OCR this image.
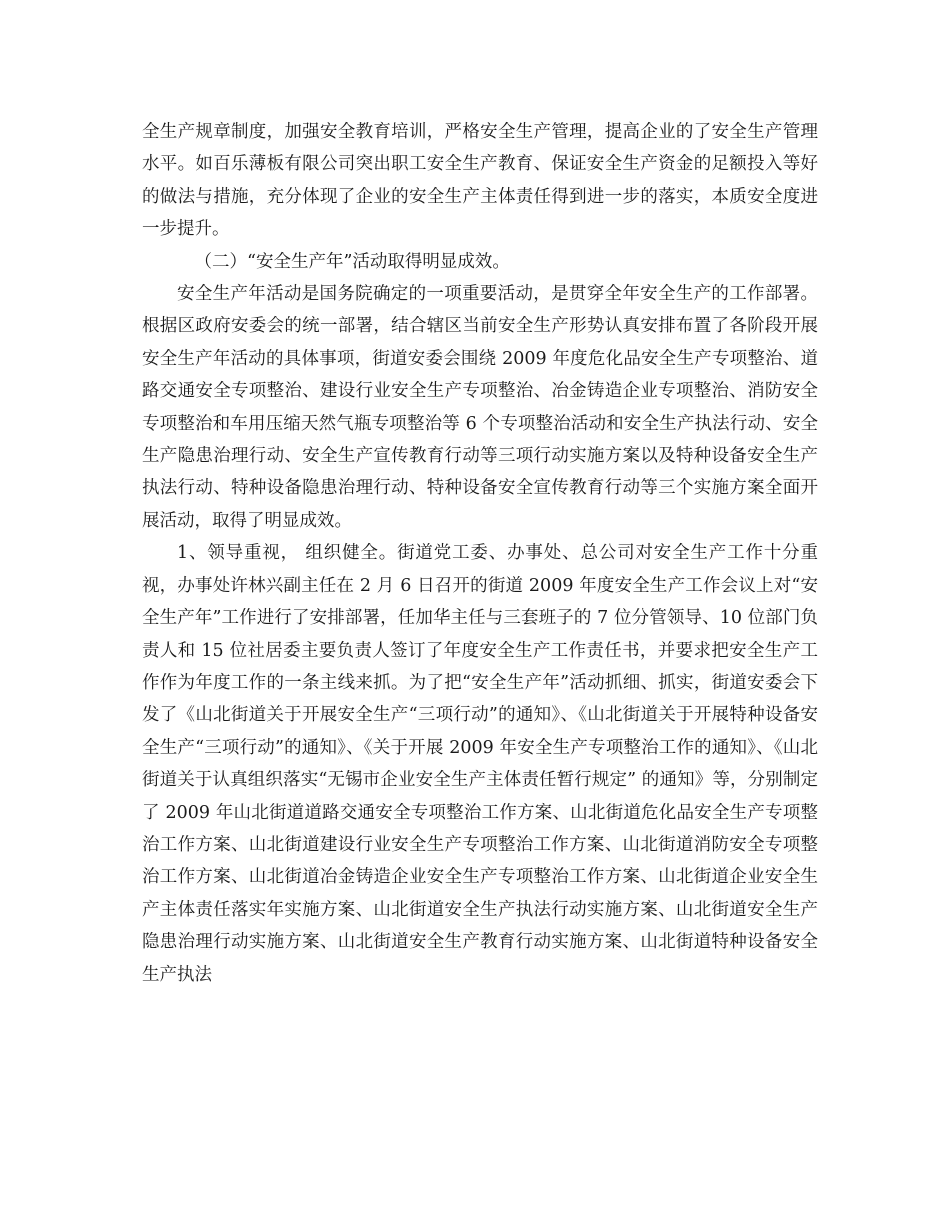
全生产规章制度，加强安全教育培训，严格安全生产管理，提高企业的了安全生产管理水平。如百乐薄板有限公司突出职工安全生产教育、保证安全生产资金的足额投入等好的做法与措施，充分体现了企业的安全生产主体责任得到进一步的落实，本质安全度进一步提升。

（二）“安全生产年”活动取得明显成效。

安全生产年活动是国务院确定的一项重要活动，是贯穿全年安全生产的工作部署。根据区政府安委会的统一部署，结合辖区当前安全生产形势认真安排布置了各阶段开展安全生产年活动的具体事项，街道安委会围绕 2009 年度危化品安全生产专项整治、道路交通安全专项整治、建设行业安全生产专项整治、冶金铸造企业专项整治、消防安全专项整治和车用压缩天然气瓶专项整治等 6 个专项整治活动和安全生产执法行动、安全生产隐患治理行动、安全生产宣传教育行动等三项行动实施方案以及特种设备安全生产执法行动、特种设备隐患治理行动、特种设备安全宣传教育行动等三个实施方案全面开展活动，取得了明显成效。

1、领导重视， 组织健全。街道党工委、办事处、总公司对安全生产工作十分重视，办事处许林兴副主任在 2 月 6 日召开的街道 2009 年度安全生产工作会议上对“安全生产年”工作进行了安排部署，任加华主任与三套班子的 7 位分管领导、10 位部门负责人和 15 位社居委主要负责人签订了年度安全生产工作责任书，并要求把安全生产工作作为年度工作的一条主线来抓。为了把“安全生产年”活动抓细、抓实，街道安委会下发了《山北街道关于开展安全生产“三项行动”的通知》、《山北街道关于开展特种设备安全生产“三项行动”的通知》、《关于开展 2009 年安全生产专项整治工作的通知》、《山北街道关于认真组织落实“无锡市企业安全生产主体责任暂行规定” 的通知》等，分别制定了 2009 年山北街道道路交通安全专项整治工作方案、山北街道危化品安全生产专项整治工作方案、山北街道建设行业安全生产专项整治工作方案、山北街道消防安全专项整治工作方案、山北街道冶金铸造企业安全生产专项整治工作方案、山北街道企业安全生产主体责任落实年实施方案、山北街道安全生产执法行动实施方案、山北街道安全生产隐患治理行动实施方案、山北街道安全生产教育行动实施方案、山北街道特种设备安全生产执法
